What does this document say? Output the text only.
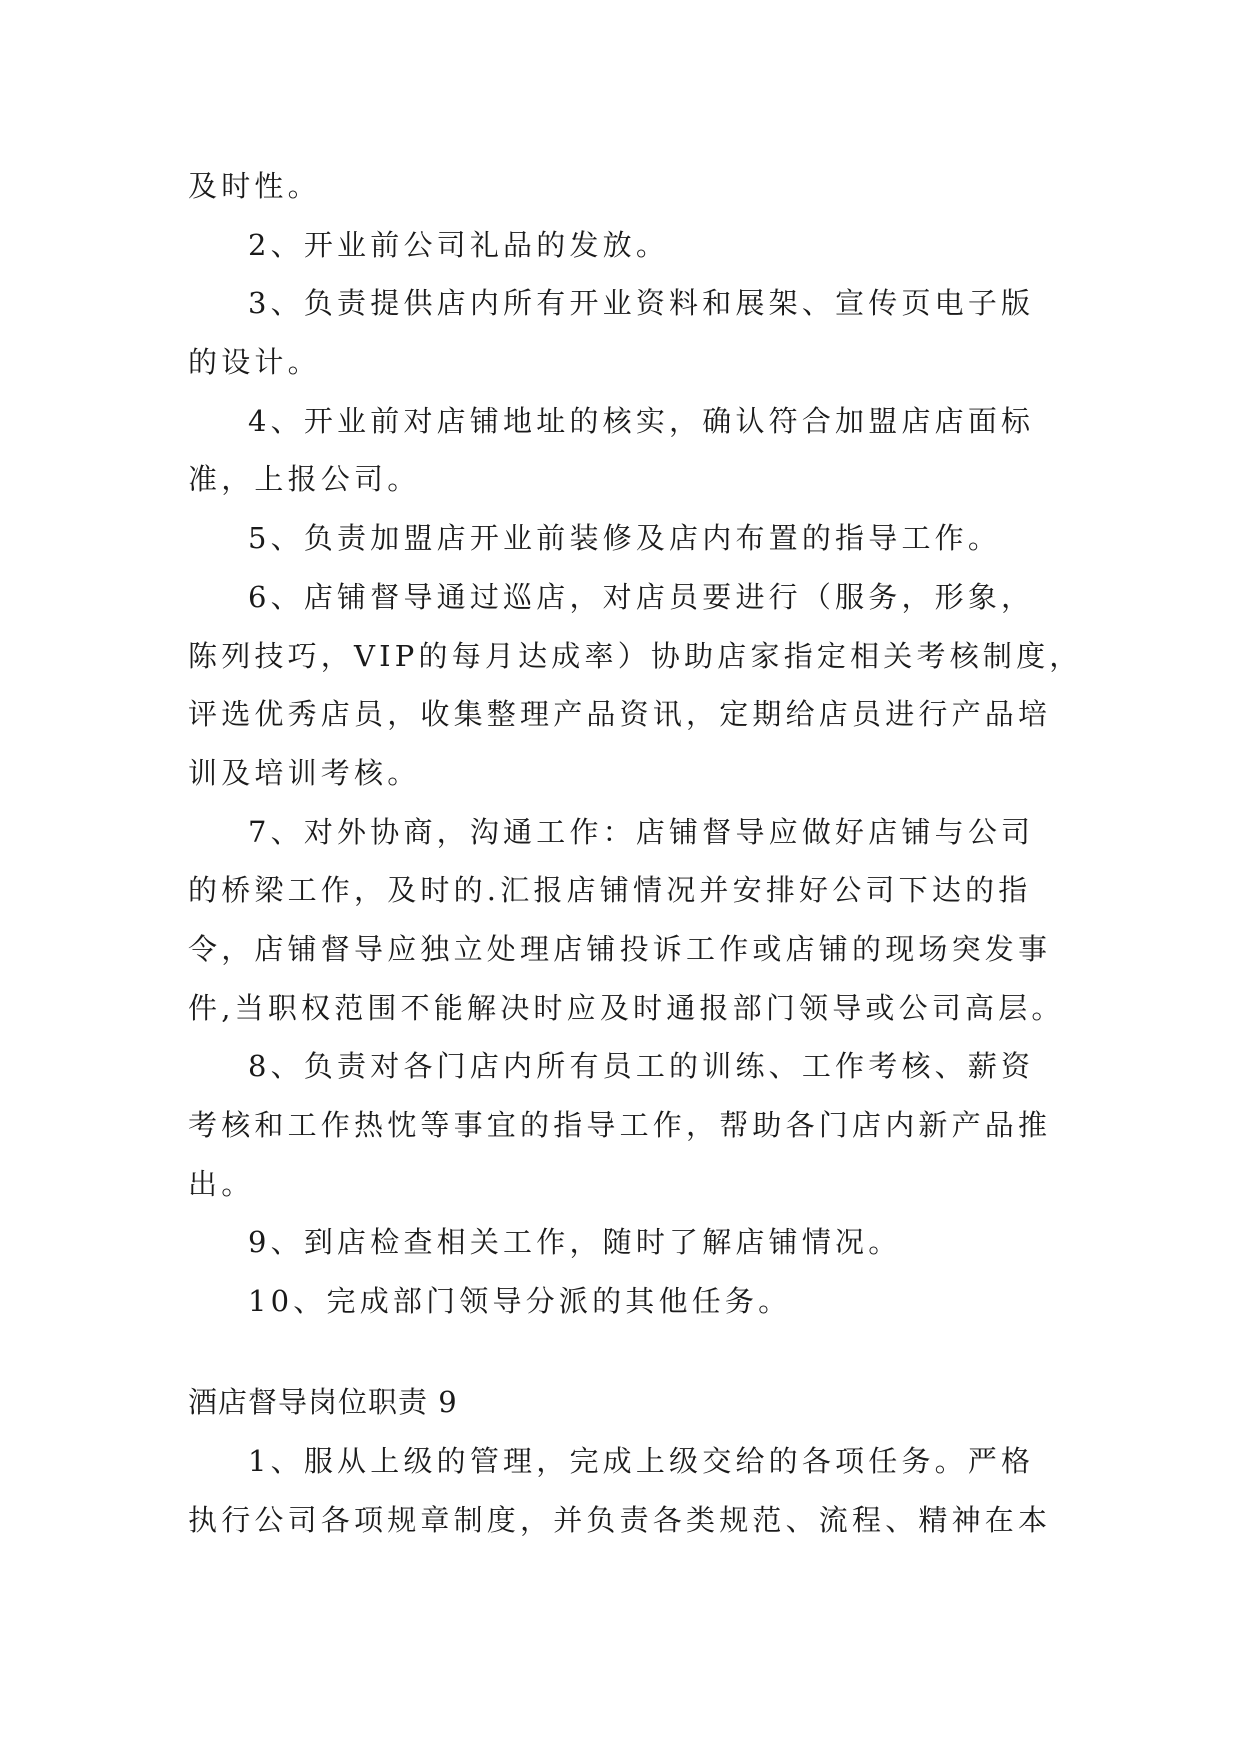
及时性。
2、开业前公司礼品的发放。
3、负责提供店内所有开业资料和展架、宣传页电子版
的设计。
4、开业前对店铺地址的核实，确认符合加盟店店面标
准，上报公司。
5、负责加盟店开业前装修及店内布置的指导工作。
6、店铺督导通过巡店，对店员要进行（服务，形象，
陈列技巧，VIP的每月达成率）协助店家指定相关考核制度，
评选优秀店员，收集整理产品资讯，定期给店员进行产品培
训及培训考核。
7、对外协商，沟通工作：店铺督导应做好店铺与公司
的桥梁工作，及时的.汇报店铺情况并安排好公司下达的指
令，店铺督导应独立处理店铺投诉工作或店铺的现场突发事
件,当职权范围不能解决时应及时通报部门领导或公司高层。
8、负责对各门店内所有员工的训练、工作考核、薪资
考核和工作热忱等事宜的指导工作，帮助各门店内新产品推
出。
9、到店检查相关工作，随时了解店铺情况。
10、完成部门领导分派的其他任务。
酒店督导岗位职责 9
1、服从上级的管理，完成上级交给的各项任务。严格
执行公司各项规章制度，并负责各类规范、流程、精神在本
